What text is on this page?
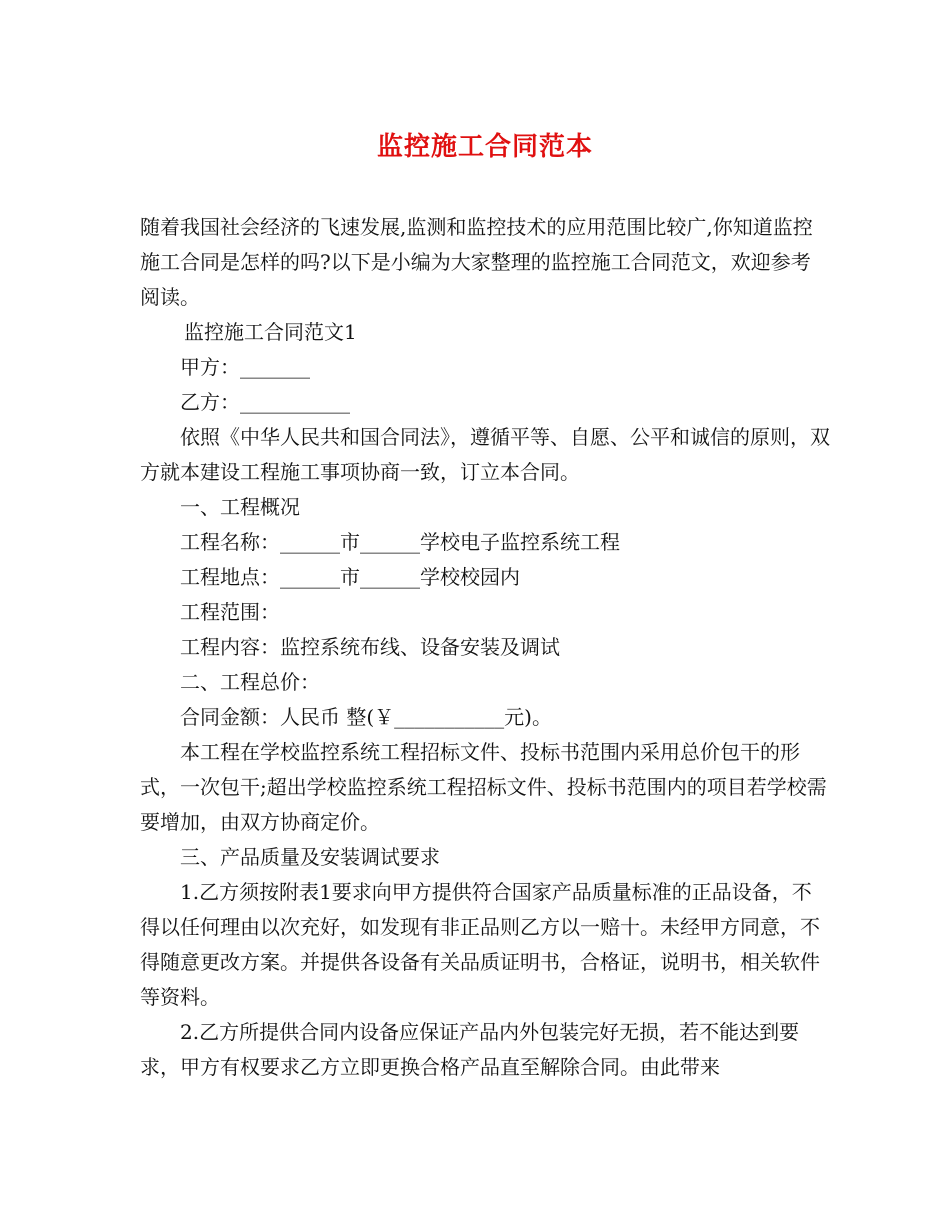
监控施工合同范本

随着我国社会经济的飞速发展,监测和监控技术的应用范围比较广,你知道监控施工合同是怎样的吗?以下是小编为大家整理的监控施工合同范文，欢迎参考阅读。

监控施工合同范文1

甲方：_______

乙方：___________

依照《中华人民共和国合同法》，遵循平等、自愿、公平和诚信的原则，双方就本建设工程施工事项协商一致，订立本合同。

一、工程概况

工程名称：______市______学校电子监控系统工程

工程地点：______市______学校校园内

工程范围：

工程内容：监控系统布线、设备安装及调试

二、工程总价：

合同金额：人民币 整(￥___________元)。

本工程在学校监控系统工程招标文件、投标书范围内采用总价包干的形式，一次包干;超出学校监控系统工程招标文件、投标书范围内的项目若学校需要增加，由双方协商定价。

三、产品质量及安装调试要求

1.乙方须按附表1要求向甲方提供符合国家产品质量标准的正品设备，不得以任何理由以次充好，如发现有非正品则乙方以一赔十。未经甲方同意，不得随意更改方案。并提供各设备有关品质证明书，合格证，说明书，相关软件等资料。

2.乙方所提供合同内设备应保证产品内外包装完好无损，若不能达到要求，甲方有权要求乙方立即更换合格产品直至解除合同。由此带来
